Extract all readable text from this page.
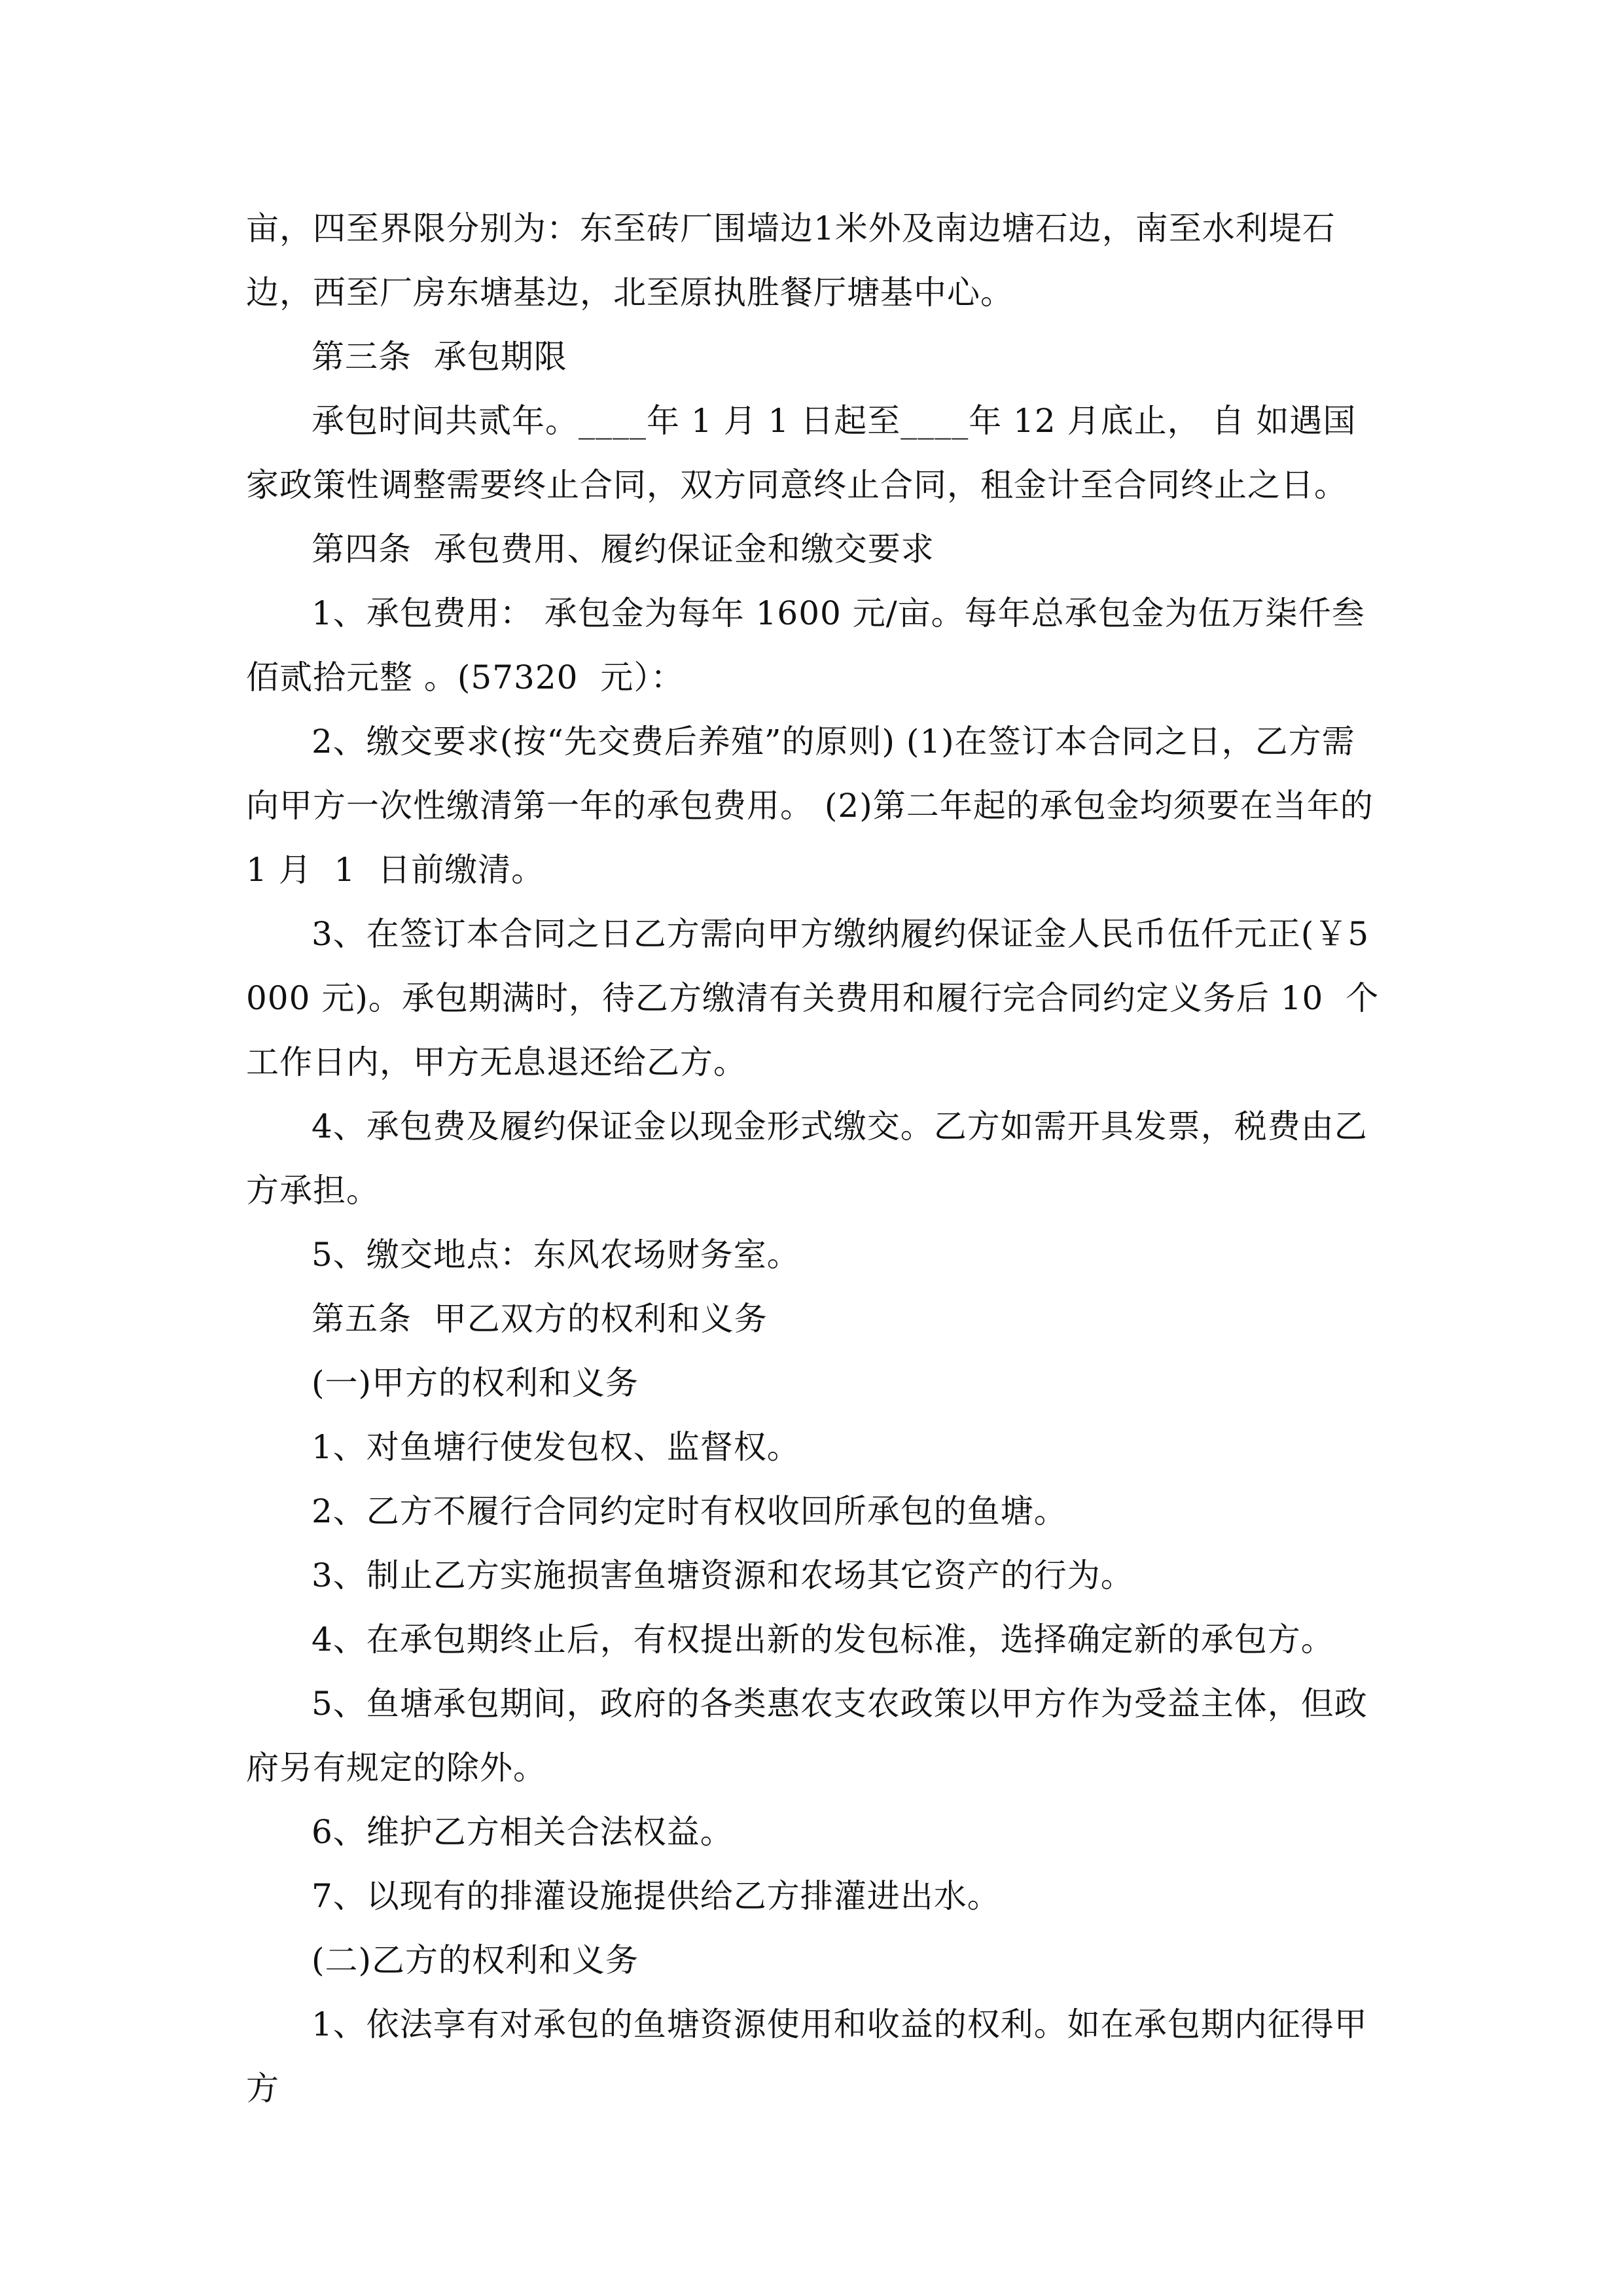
亩，四至界限分别为：东至砖厂围墙边1米外及南边塘石边，南至水利堤石边，西至厂房东塘基边，北至原执胜餐厅塘基中心。

第三条  承包期限

承包时间共贰年。____年 1 月 1 日起至____年 12 月底止， 自 如遇国家政策性调整需要终止合同，双方同意终止合同，租金计至合同终止之日。

第四条  承包费用、履约保证金和缴交要求

1、承包费用： 承包金为每年 1600 元/亩。每年总承包金为伍万柒仟叁佰贰拾元整 。(57320  元）：

2、缴交要求(按“先交费后养殖”的原则) (1)在签订本合同之日，乙方需向甲方一次性缴清第一年的承包费用。 (2)第二年起的承包金均须要在当年的 1 月  1  日前缴清。

3、在签订本合同之日乙方需向甲方缴纳履约保证金人民币伍仟元正(￥5000 元)。承包期满时，待乙方缴清有关费用和履行完合同约定义务后 10  个工作日内，甲方无息退还给乙方。

4、承包费及履约保证金以现金形式缴交。乙方如需开具发票，税费由乙方承担。

5、缴交地点：东风农场财务室。

第五条  甲乙双方的权利和义务

(一)甲方的权利和义务

1、对鱼塘行使发包权、监督权。

2、乙方不履行合同约定时有权收回所承包的鱼塘。

3、制止乙方实施损害鱼塘资源和农场其它资产的行为。

4、在承包期终止后，有权提出新的发包标准，选择确定新的承包方。

5、鱼塘承包期间，政府的各类惠农支农政策以甲方作为受益主体，但政府另有规定的除外。

6、维护乙方相关合法权益。

7、以现有的排灌设施提供给乙方排灌进出水。

(二)乙方的权利和义务

1、依法享有对承包的鱼塘资源使用和收益的权利。如在承包期内征得甲方
